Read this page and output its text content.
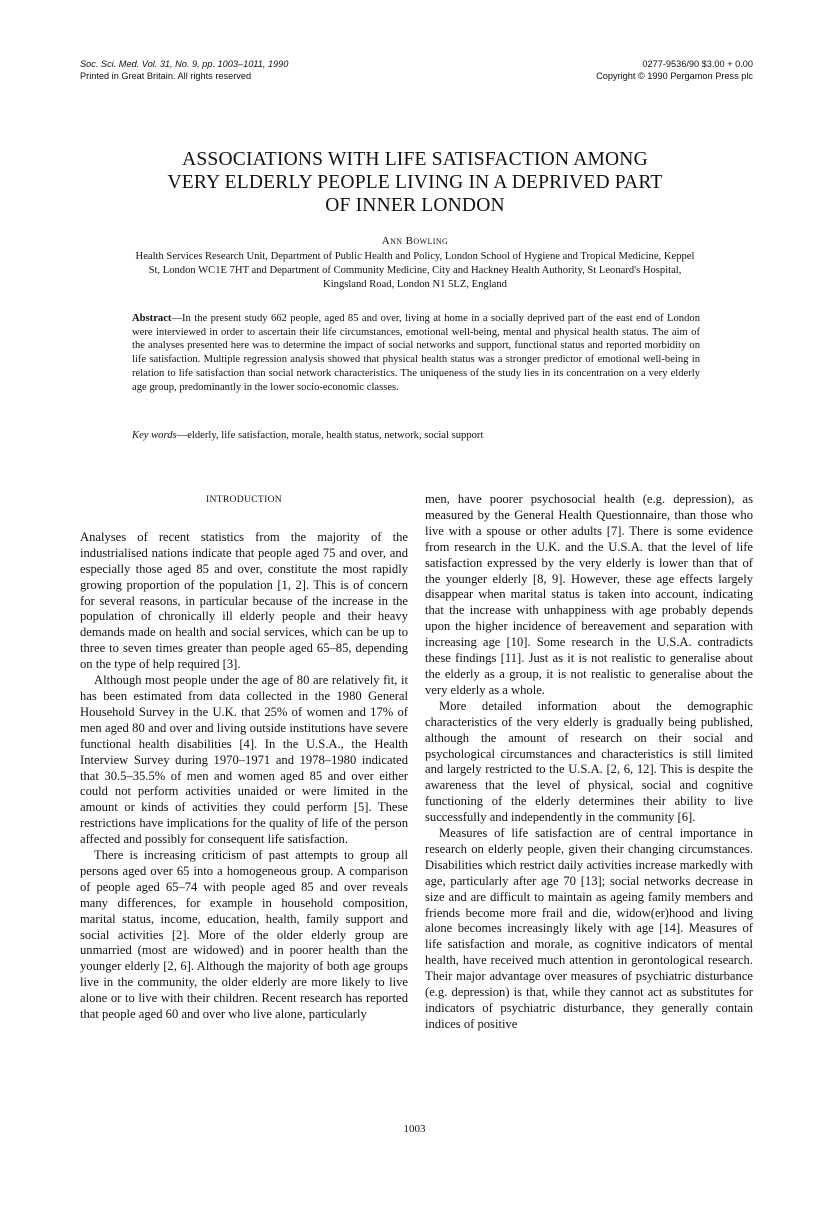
Soc. Sci. Med. Vol. 31, No. 9, pp. 1003–1011, 1990
Printed in Great Britain. All rights reserved
0277-9536/90 $3.00 + 0.00
Copyright © 1990 Pergamon Press plc
ASSOCIATIONS WITH LIFE SATISFACTION AMONG
VERY ELDERLY PEOPLE LIVING IN A DEPRIVED PART
OF INNER LONDON
Ann Bowling
Health Services Research Unit, Department of Public Health and Policy, London School of Hygiene and Tropical Medicine, Keppel St, London WC1E 7HT and Department of Community Medicine, City and Hackney Health Authority, St Leonard's Hospital, Kingsland Road, London N1 5LZ, England
Abstract—In the present study 662 people, aged 85 and over, living at home in a socially deprived part of the east end of London were interviewed in order to ascertain their life circumstances, emotional well-being, mental and physical health status. The aim of the analyses presented here was to determine the impact of social networks and support, functional status and reported morbidity on life satisfaction. Multiple regression analysis showed that physical health status was a stronger predictor of emotional well-being in relation to life satisfaction than social network characteristics. The uniqueness of the study lies in its concentration on a very elderly age group, predominantly in the lower socio-economic classes.
Key words—elderly, life satisfaction, morale, health status, network, social support
INTRODUCTION

Analyses of recent statistics from the majority of the industrialised nations indicate that people aged 75 and over, and especially those aged 85 and over, constitute the most rapidly growing proportion of the population [1, 2]. This is of concern for several reasons, in particular because of the increase in the population of chronically ill elderly people and their heavy demands made on health and social services, which can be up to three to seven times greater than people aged 65–85, depending on the type of help required [3].

Although most people under the age of 80 are relatively fit, it has been estimated from data collected in the 1980 General Household Survey in the U.K. that 25% of women and 17% of men aged 80 and over and living outside institutions have severe functional health disabilities [4]. In the U.S.A., the Health Interview Survey during 1970–1971 and 1978–1980 indicated that 30.5–35.5% of men and women aged 85 and over either could not perform activities unaided or were limited in the amount or kinds of activities they could perform [5]. These restrictions have implications for the quality of life of the person affected and possibly for consequent life satisfaction.

There is increasing criticism of past attempts to group all persons aged over 65 into a homogeneous group. A comparison of people aged 65–74 with people aged 85 and over reveals many differences, for example in household composition, marital status, income, education, health, family support and social activities [2]. More of the older elderly group are unmarried (most are widowed) and in poorer health than the younger elderly [2, 6]. Although the majority of both age groups live in the community, the older elderly are more likely to live alone or to live with their children. Recent research has reported that people aged 60 and over who live alone, particularly

men, have poorer psychosocial health (e.g. depression), as measured by the General Health Questionnaire, than those who live with a spouse or other adults [7]. There is some evidence from research in the U.K. and the U.S.A. that the level of life satisfaction expressed by the very elderly is lower than that of the younger elderly [8, 9]. However, these age effects largely disappear when marital status is taken into account, indicating that the increase with unhappiness with age probably depends upon the higher incidence of bereavement and separation with increasing age [10]. Some research in the U.S.A. contradicts these findings [11]. Just as it is not realistic to generalise about the elderly as a group, it is not realistic to generalise about the very elderly as a whole.

More detailed information about the demographic characteristics of the very elderly is gradually being published, although the amount of research on their social and psychological circumstances and characteristics is still limited and largely restricted to the U.S.A. [2, 6, 12]. This is despite the awareness that the level of physical, social and cognitive functioning of the elderly determines their ability to live successfully and independently in the community [6].

Measures of life satisfaction are of central importance in research on elderly people, given their changing circumstances. Disabilities which restrict daily activities increase markedly with age, particularly after age 70 [13]; social networks decrease in size and are difficult to maintain as ageing family members and friends become more frail and die, widow(er)hood and living alone becomes increasingly likely with age [14]. Measures of life satisfaction and morale, as cognitive indicators of mental health, have received much attention in gerontological research. Their major advantage over measures of psychiatric disturbance (e.g. depression) is that, while they cannot act as substitutes for indicators of psychiatric disturbance, they generally contain indices of positive

1003
